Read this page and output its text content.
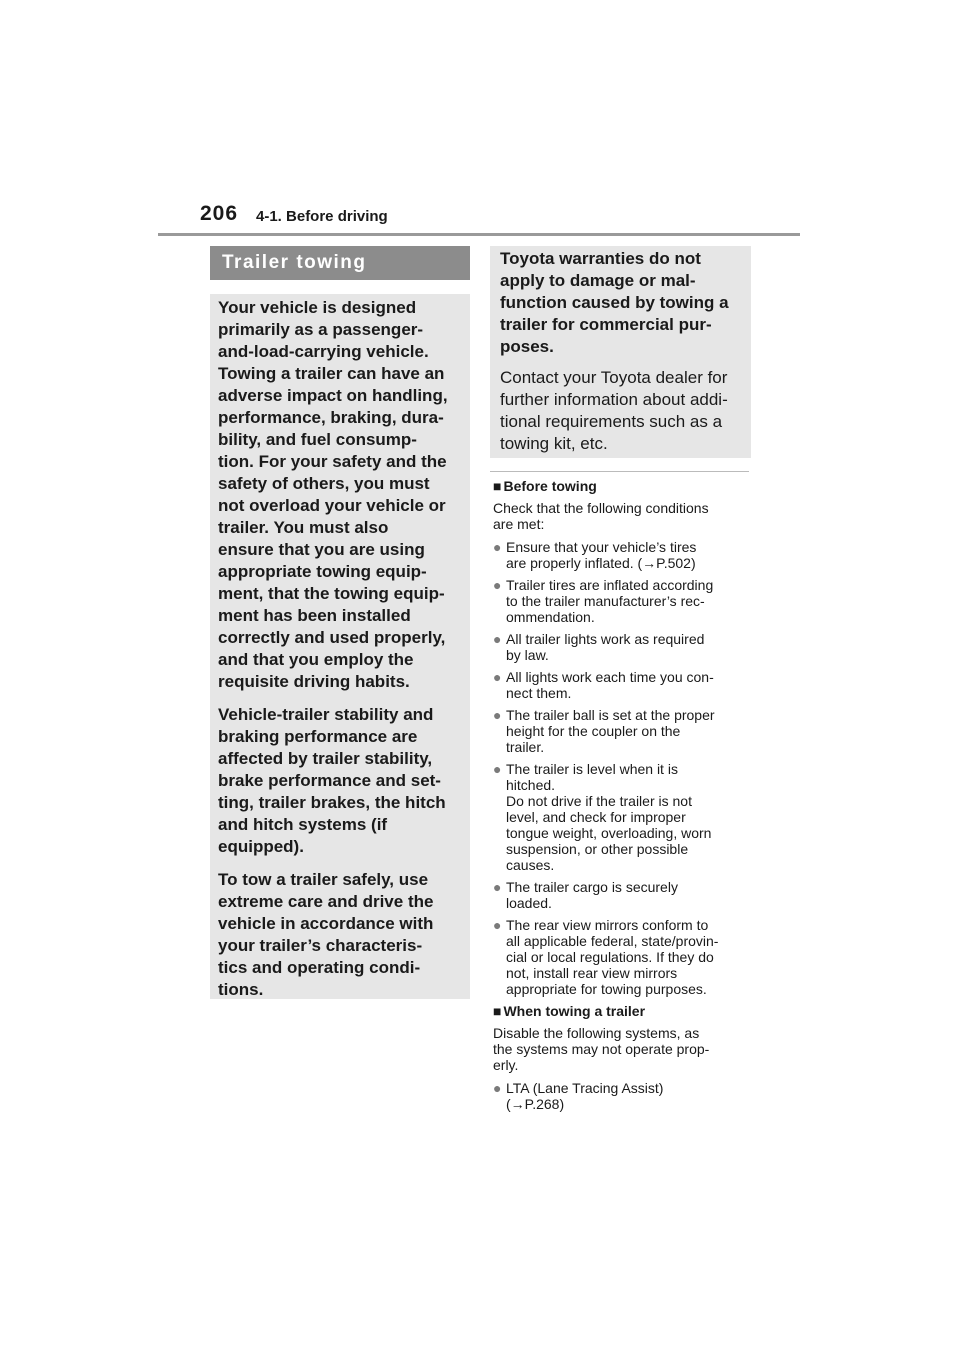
206 4-1. Before driving
Trailer towing

Your vehicle is designed
primarily as a passenger-
and-load-carrying vehicle.
Towing a trailer can have an
adverse impact on handling,
performance, braking, dura-
bility, and fuel consump-
tion. For your safety and the
safety of others, you must
not overload your vehicle or
trailer. You must also
ensure that you are using
appropriate towing equip-
ment, that the towing equip-
ment has been installed
correctly and used properly,
and that you employ the
requisite driving habits.

Vehicle-trailer stability and
braking performance are
affected by trailer stability,
brake performance and set-
ting, trailer brakes, the hitch
and hitch systems (if
equipped).

To tow a trailer safely, use
extreme care and drive the
vehicle in accordance with
your trailer’s characteris-
tics and operating condi-
tions.

Toyota warranties do not
apply to damage or mal-
function caused by towing a
trailer for commercial pur-
poses.

Contact your Toyota dealer for
further information about addi-
tional requirements such as a
towing kit, etc.

■ Before towing
Check that the following conditions
are met:
● Ensure that your vehicle’s tires
are properly inflated. (→P.502)
● Trailer tires are inflated according
to the trailer manufacturer’s rec-
ommendation.
● All trailer lights work as required
by law.
● All lights work each time you con-
nect them.
● The trailer ball is set at the proper
height for the coupler on the
trailer.
● The trailer is level when it is
hitched.
Do not drive if the trailer is not
level, and check for improper
tongue weight, overloading, worn
suspension, or other possible
causes.
● The trailer cargo is securely
loaded.
● The rear view mirrors conform to
all applicable federal, state/provin-
cial or local regulations. If they do
not, install rear view mirrors
appropriate for towing purposes.
■ When towing a trailer
Disable the following systems, as
the systems may not operate prop-
erly.
● LTA (Lane Tracing Assist)
(→P.268)
